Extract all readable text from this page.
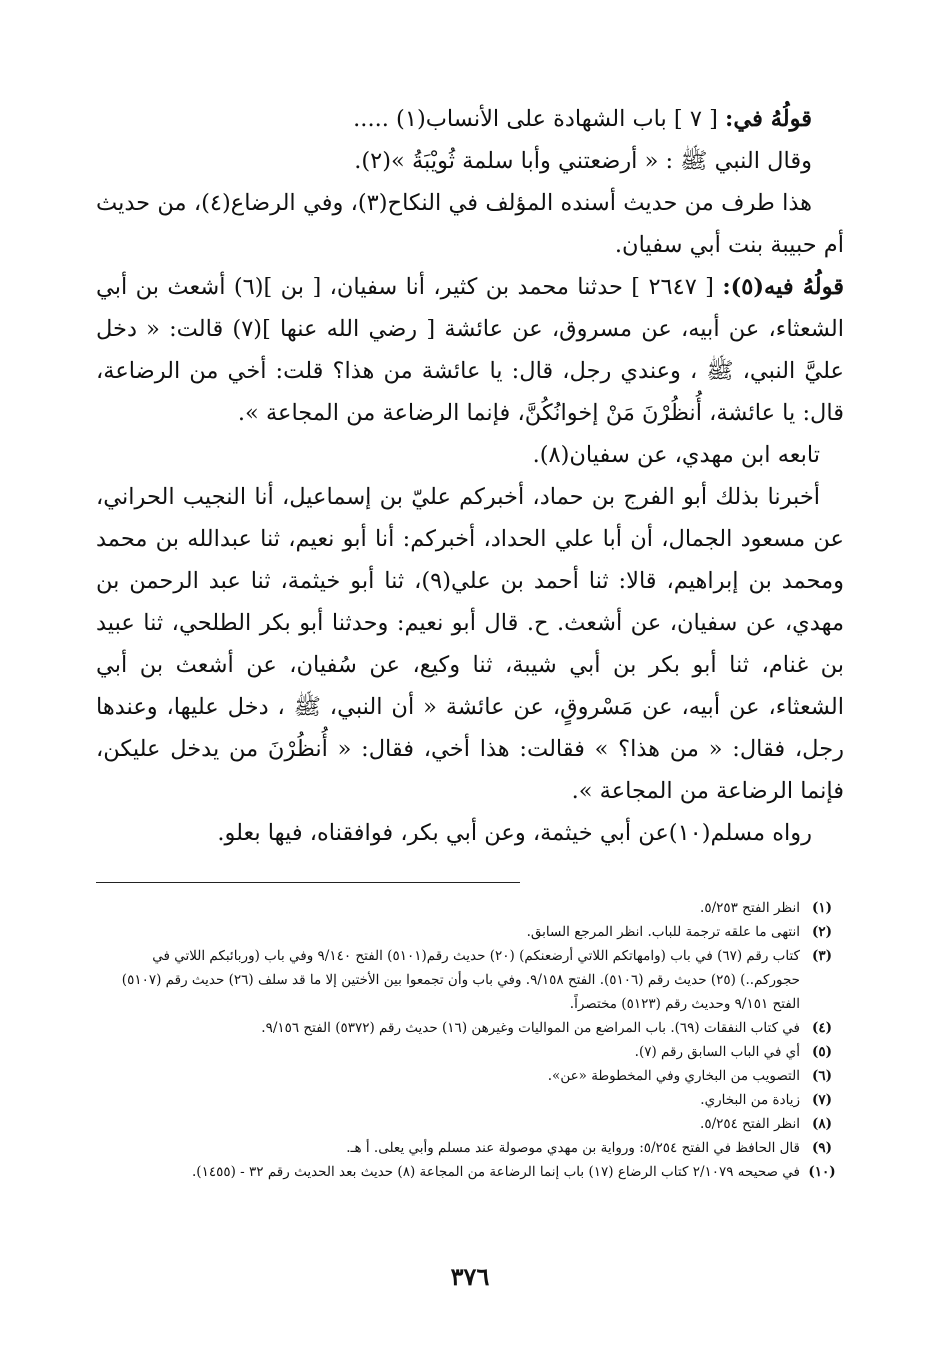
قولُهُ في: [ ٧ ] باب الشهادة على الأنساب(١) .....

وقال النبي ﷺ : « أرضعتني وأبا سلمة ثُويْبَةُ »(٢).

هذا طرف من حديث أسنده المؤلف في النكاح(٣)، وفي الرضاع(٤)، من حديث أم حبيبة بنت أبي سفيان.

قولُهُ فيه(٥): [ ٢٦٤٧ ] حدثنا محمد بن كثير، أنا سفيان، [ بن ](٦) أشعث بن أبي الشعثاء، عن أبيه، عن مسروق، عن عائشة [ رضي الله عنها ](٧) قالت: « دخل عليَّ النبي، ﷺ ، وعندي رجل، قال: يا عائشة من هذا؟ قلت: أخي من الرضاعة، قال: يا عائشة، أُنظُرْنَ مَنْ إخوانُكُنَّ، فإنما الرضاعة من المجاعة ».

تابعه ابن مهدي، عن سفيان(٨).

أخبرنا بذلك أبو الفرج بن حماد، أخبركم عليّ بن إسماعيل، أنا النجيب الحراني، عن مسعود الجمال، أن أبا علي الحداد، أخبركم: أنا أبو نعيم، ثنا عبدالله بن محمد ومحمد بن إبراهيم، قالا: ثنا أحمد بن علي(٩)، ثنا أبو خيثمة، ثنا عبد الرحمن بن مهدي، عن سفيان، عن أشعث. ح. قال أبو نعيم: وحدثنا أبو بكر الطلحي، ثنا عبيد بن غنام، ثنا أبو بكر بن أبي شيبة، ثنا وكيع، عن سُفيان، عن أشعث بن أبي الشعثاء، عن أبيه، عن مَسْروقٍ، عن عائشة « أن النبي، ﷺ ، دخل عليها، وعندها رجل، فقال: « من هذا؟ » فقالت: هذا أخي، فقال: « أُنظُرْنَ من يدخل عليكن، فإنما الرضاعة من المجاعة ».

رواه مسلم(١٠)عن أبي خيثمة، وعن أبي بكر، فوافقناه، فيها بعلو.

(١)
انظر الفتح ٥/٢٥٣.
(٢)
انتهى ما علقه ترجمة للباب. انظر المرجع السابق.
(٣)
كتاب رقم (٦٧) في باب (وامهاتكم اللاتي أرضعنكم) (٢٠) حديث رقم(٥١٠١) الفتح ٩/١٤٠ وفي باب (وربائبكم اللاتي في حجوركم..) (٢٥) حديث رقم (٥١٠٦). الفتح ٩/١٥٨. وفي باب وأن تجمعوا بين الأختين إلا ما قد سلف (٢٦) حديث رقم (٥١٠٧) الفتح ٩/١٥١ وحديث رقم (٥١٢٣) مختصراً.
(٤)
في كتاب النفقات (٦٩). باب المراضع من المواليات وغيرهن (١٦) حديث رقم (٥٣٧٢) الفتح ٩/١٥٦.
(٥)
أي في الباب السابق رقم (٧).
(٦)
التصويب من البخاري وفي المخطوطة «عن».
(٧)
زيادة من البخاري.
(٨)
انظر الفتح ٥/٢٥٤.
(٩)
قال الحافظ في الفتح ٥/٢٥٤: ورواية بن مهدي موصولة عند مسلم وأبي يعلى. أ هـ.
(١٠)
في صحيحه ٢/١٠٧٩ كتاب الرضاع (١٧) باب إنما الرضاعة من المجاعة (٨) حديث بعد الحديث رقم ٣٢ - (١٤٥٥).
٣٧٦
